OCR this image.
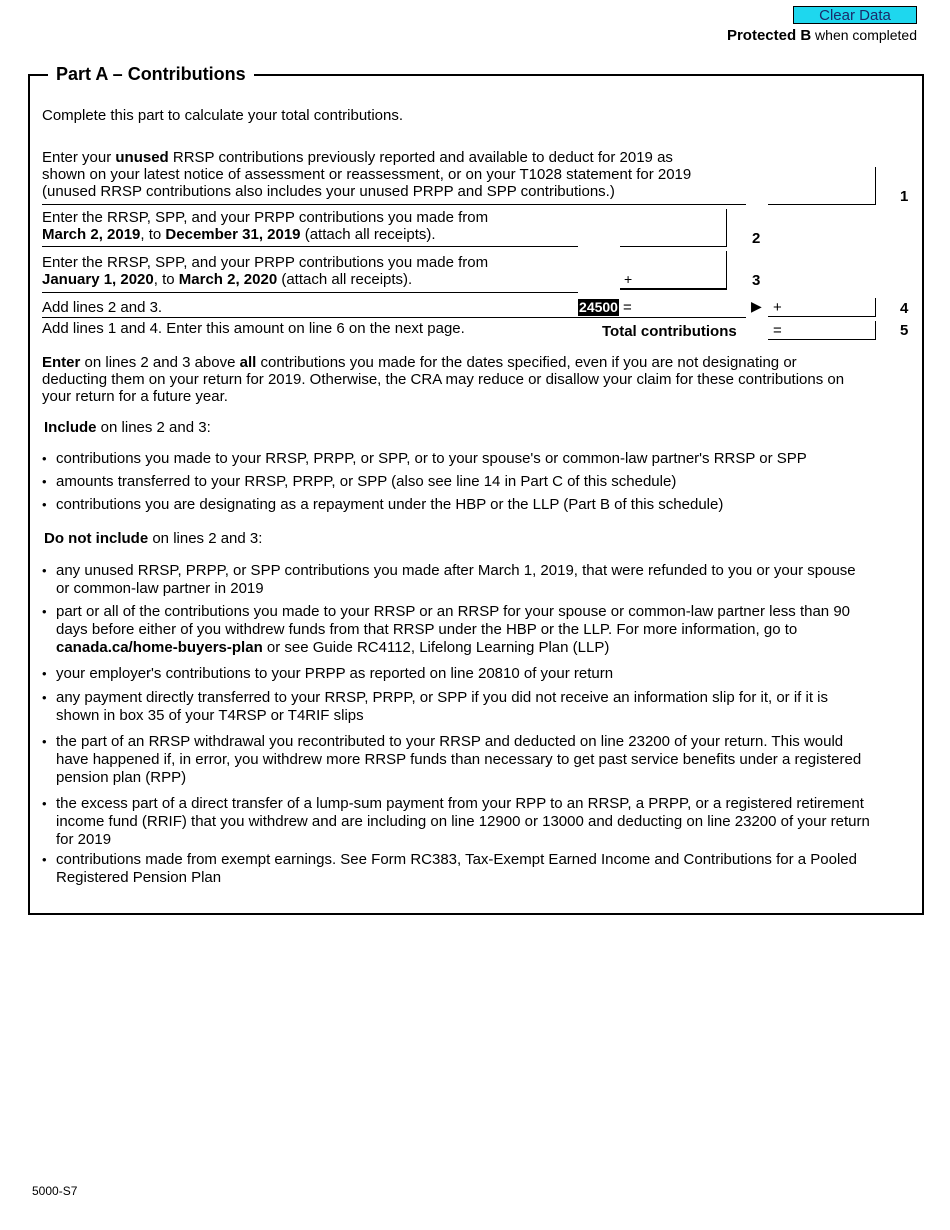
Clear Data
Protected B when completed
Part A – Contributions
Complete this part to calculate your total contributions.
Enter your unused RRSP contributions previously reported and available to deduct for 2019 as
shown on your latest notice of assessment or reassessment, or on your T1028 statement for 2019
(unused RRSP contributions also includes your unused PRPP and SPP contributions.)	1
Enter the RRSP, SPP, and your PRPP contributions you made from
March 2, 2019, to December 31, 2019 (attach all receipts).	2
Enter the RRSP, SPP, and your PRPP contributions you made from
January 1, 2020, to March 2, 2020 (attach all receipts).	+	3
Add lines 2 and 3.	24500 =	▶ +	4
Add lines 1 and 4. Enter this amount on line 6 on the next page.	Total contributions =	5
Enter on lines 2 and 3 above all contributions you made for the dates specified, even if you are not designating or
deducting them on your return for 2019. Otherwise, the CRA may reduce or disallow your claim for these contributions on
your return for a future year.
Include on lines 2 and 3:
• contributions you made to your RRSP, PRPP, or SPP, or to your spouse's or common-law partner's RRSP or SPP
• amounts transferred to your RRSP, PRPP, or SPP (also see line 14 in Part C of this schedule)
• contributions you are designating as a repayment under the HBP or the LLP (Part B of this schedule)
Do not include on lines 2 and 3:
• any unused RRSP, PRPP, or SPP contributions you made after March 1, 2019, that were refunded to you or your spouse or common-law partner in 2019
• part or all of the contributions you made to your RRSP or an RRSP for your spouse or common-law partner less than 90 days before either of you withdrew funds from that RRSP under the HBP or the LLP. For more information, go to canada.ca/home-buyers-plan or see Guide RC4112, Lifelong Learning Plan (LLP)
• your employer's contributions to your PRPP as reported on line 20810 of your return
• any payment directly transferred to your RRSP, PRPP, or SPP if you did not receive an information slip for it, or if it is shown in box 35 of your T4RSP or T4RIF slips
• the part of an RRSP withdrawal you recontributed to your RRSP and deducted on line 23200 of your return. This would have happened if, in error, you withdrew more RRSP funds than necessary to get past service benefits under a registered pension plan (RPP)
• the excess part of a direct transfer of a lump-sum payment from your RPP to an RRSP, a PRPP, or a registered retirement income fund (RRIF) that you withdrew and are including on line 12900 or 13000 and deducting on line 23200 of your return for 2019
• contributions made from exempt earnings. See Form RC383, Tax-Exempt Earned Income and Contributions for a Pooled Registered Pension Plan
5000-S7
